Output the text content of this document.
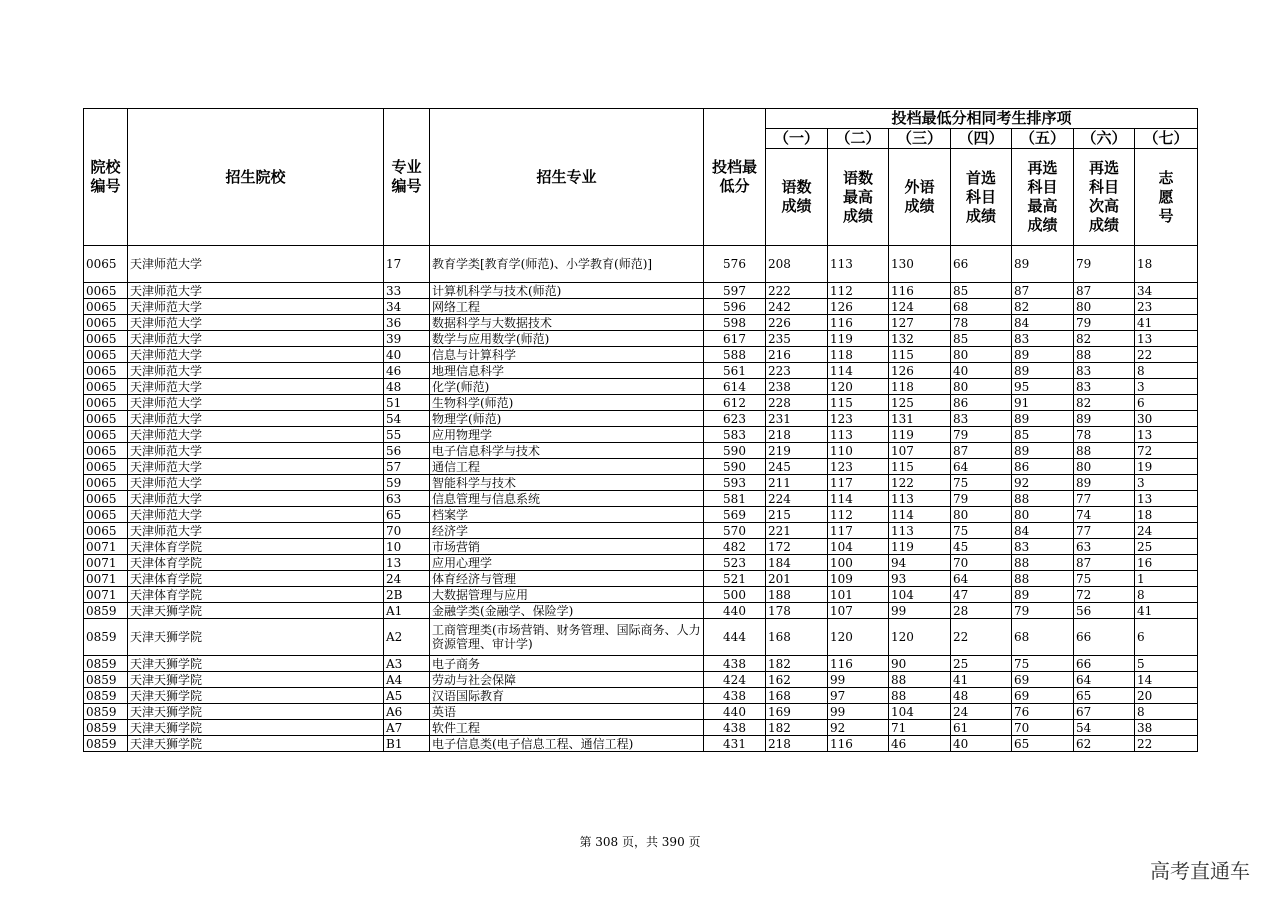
院校编号	招生院校	专业编号	招生专业	投档最低分	投档最低分相同考生排序项						
					（一）	（二）	（三）	（四）	（五）	（六）	（七）
					语数成绩	语数最高成绩	外语成绩	首选科目成绩	再选科目最高成绩	再选科目次高成绩	志愿号
0065	天津师范大学	17	教育学类[教育学(师范)、小学教育(师范)]	576	208	113	130	66	89	79	18
0065	天津师范大学	33	计算机科学与技术(师范)	597	222	112	116	85	87	87	34
0065	天津师范大学	34	网络工程	596	242	126	124	68	82	80	23
0065	天津师范大学	36	数据科学与大数据技术	598	226	116	127	78	84	79	41
0065	天津师范大学	39	数学与应用数学(师范)	617	235	119	132	85	83	82	13
0065	天津师范大学	40	信息与计算科学	588	216	118	115	80	89	88	22
0065	天津师范大学	46	地理信息科学	561	223	114	126	40	89	83	8
0065	天津师范大学	48	化学(师范)	614	238	120	118	80	95	83	3
0065	天津师范大学	51	生物科学(师范)	612	228	115	125	86	91	82	6
0065	天津师范大学	54	物理学(师范)	623	231	123	131	83	89	89	30
0065	天津师范大学	55	应用物理学	583	218	113	119	79	85	78	13
0065	天津师范大学	56	电子信息科学与技术	590	219	110	107	87	89	88	72
0065	天津师范大学	57	通信工程	590	245	123	115	64	86	80	19
0065	天津师范大学	59	智能科学与技术	593	211	117	122	75	92	89	3
0065	天津师范大学	63	信息管理与信息系统	581	224	114	113	79	88	77	13
0065	天津师范大学	65	档案学	569	215	112	114	80	80	74	18
0065	天津师范大学	70	经济学	570	221	117	113	75	84	77	24
0071	天津体育学院	10	市场营销	482	172	104	119	45	83	63	25
0071	天津体育学院	13	应用心理学	523	184	100	94	70	88	87	16
0071	天津体育学院	24	体育经济与管理	521	201	109	93	64	88	75	1
0071	天津体育学院	2B	大数据管理与应用	500	188	101	104	47	89	72	8
0859	天津天狮学院	A1	金融学类(金融学、保险学)	440	178	107	99	28	79	56	41
0859	天津天狮学院	A2	工商管理类(市场营销、财务管理、国际商务、人力资源管理、审计学)	444	168	120	120	22	68	66	6
0859	天津天狮学院	A3	电子商务	438	182	116	90	25	75	66	5
0859	天津天狮学院	A4	劳动与社会保障	424	162	99	88	41	69	64	14
0859	天津天狮学院	A5	汉语国际教育	438	168	97	88	48	69	65	20
0859	天津天狮学院	A6	英语	440	169	99	104	24	76	67	8
0859	天津天狮学院	A7	软件工程	438	182	92	71	61	70	54	38
0859	天津天狮学院	B1	电子信息类(电子信息工程、通信工程)	431	218	116	46	40	65	62	22
第 308 页，共 390 页
高考直通车
